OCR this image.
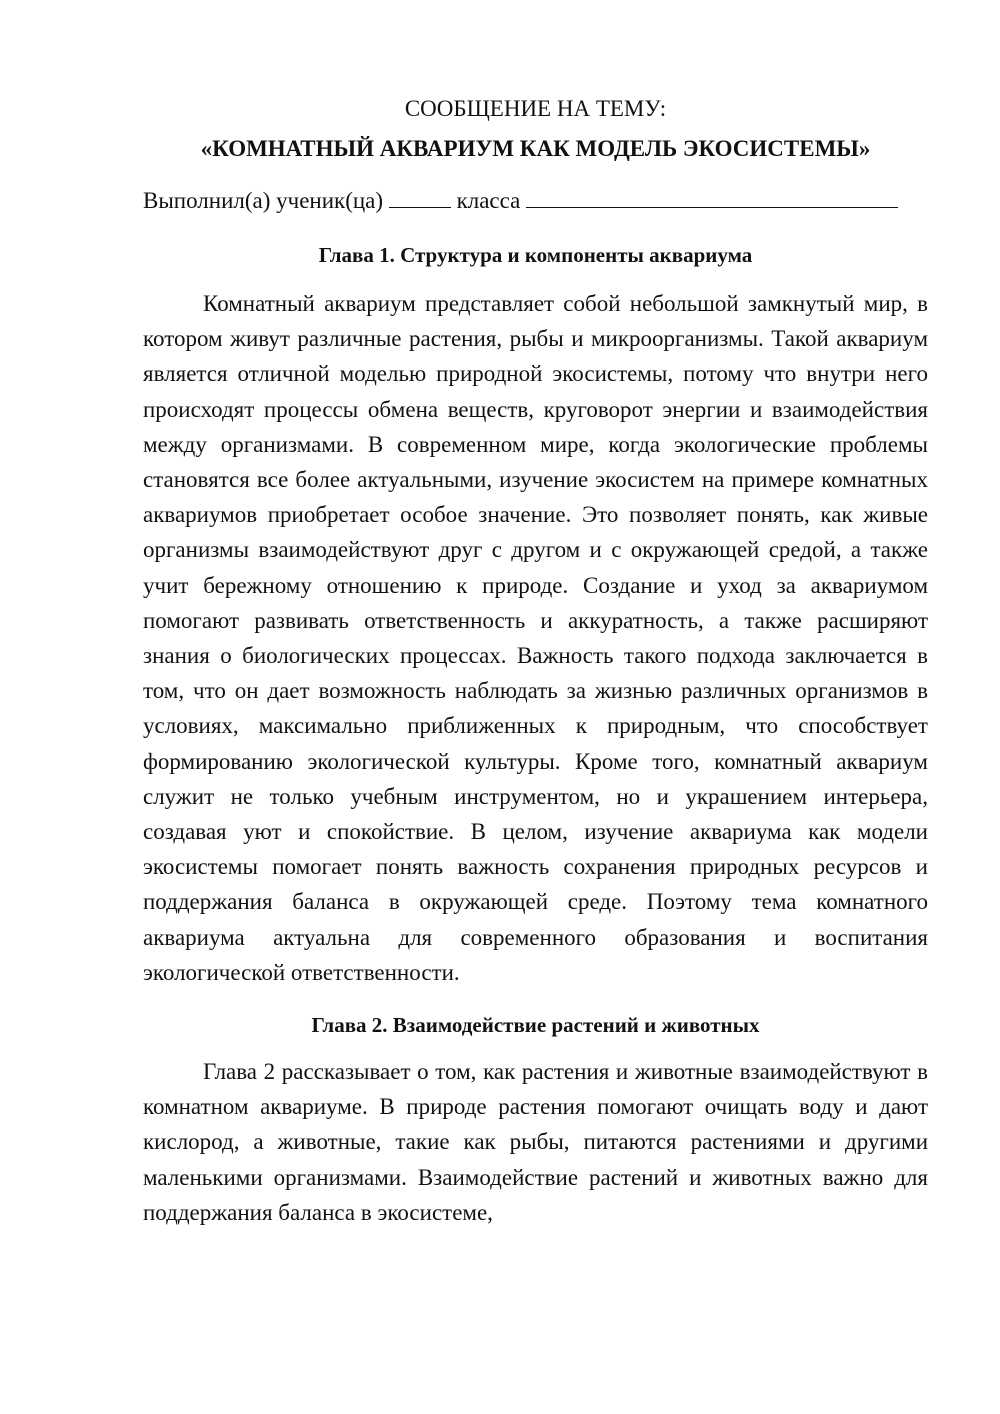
СООБЩЕНИЕ НА ТЕМУ:

«КОМНАТНЫЙ АКВАРИУМ КАК МОДЕЛЬ ЭКОСИСТЕМЫ»

Выполнил(а) ученик(ца)	класса

Глава 1. Структура и компоненты аквариума

Комнатный аквариум представляет собой небольшой замкнутый мир, в котором живут различные растения, рыбы и микроорганизмы. Такой аквариум является отличной моделью природной экосистемы, потому что внутри него происходят процессы обмена веществ, круговорот энергии и взаимодействия между организмами. В современном мире, когда экологические проблемы становятся все более актуальными, изучение экосистем на примере комнатных аквариумов приобретает особое значение. Это позволяет понять, как живые организмы взаимодействуют друг с другом и с окружающей средой, а также учит бережному отношению к природе. Создание и уход за аквариумом помогают развивать ответственность и аккуратность, а также расширяют знания о биологических процессах. Важность такого подхода заключается в том, что он дает возможность наблюдать за жизнью различных организмов в условиях, максимально приближенных к природным, что способствует формированию экологической культуры. Кроме того, комнатный аквариум служит не только учебным инструментом, но и украшением интерьера, создавая уют и спокойствие. В целом, изучение аквариума как модели экосистемы помогает понять важность сохранения природных ресурсов и поддержания баланса в окружающей среде. Поэтому тема комнатного аквариума актуальна для современного образования и воспитания экологической ответственности.

Глава 2. Взаимодействие растений и животных

Глава 2 рассказывает о том, как растения и животные взаимодействуют в комнатном аквариуме. В природе растения помогают очищать воду и дают кислород, а животные, такие как рыбы, питаются растениями и другими маленькими организмами. Взаимодействие растений и животных важно для поддержания баланса в экосистеме,
